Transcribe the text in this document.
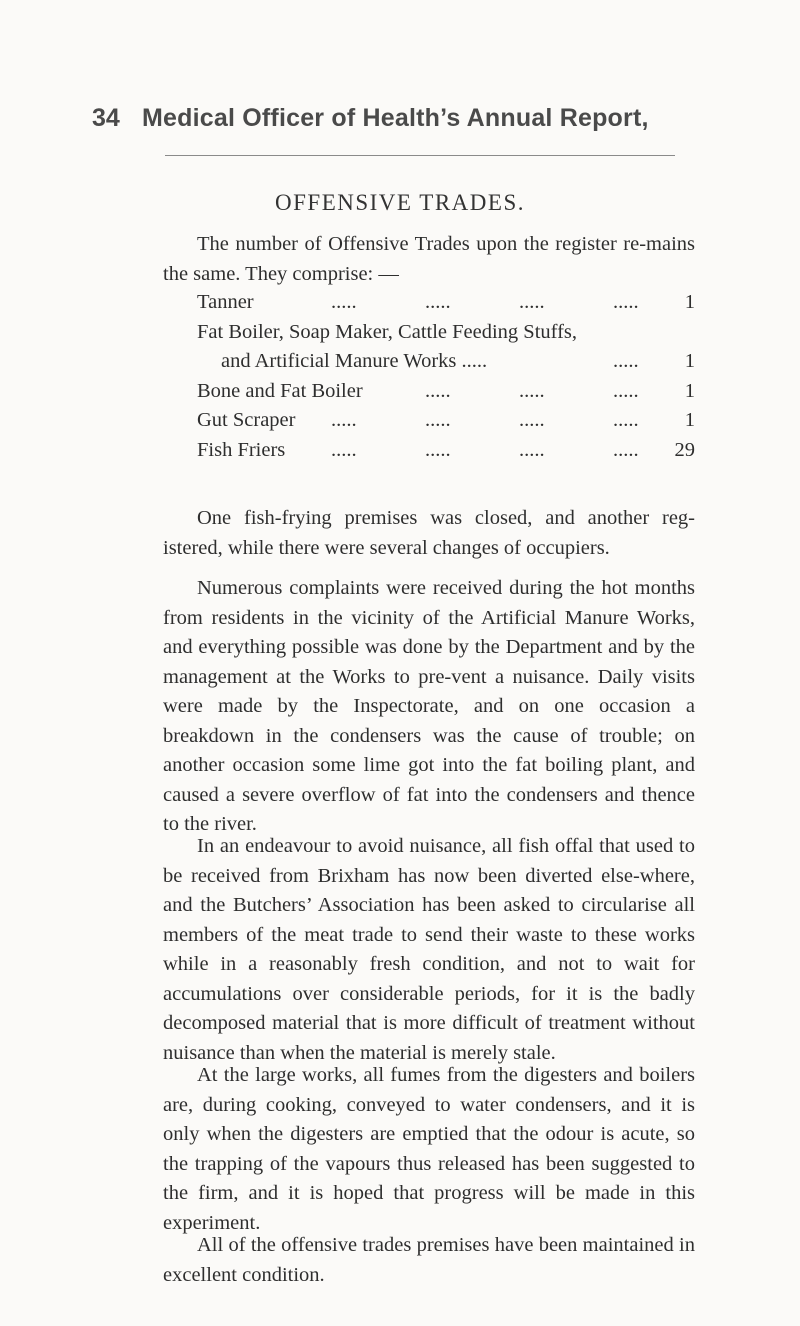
34 Medical Officer of Health’s Annual Report,
OFFENSIVE TRADES.

The number of Offensive Trades upon the register re-mains the same. They comprise: —

Tanner	.....	.....	.....	..... 1
Fat Boiler, Soap Maker, Cattle Feeding Stuffs,
and Artificial Manure Works .....	..... 1
Bone and Fat Boiler	.....	.....	..... 1
Gut Scraper .....	.....	.....	..... 1
Fish Friers .....	.....	.....	..... 29

One fish-frying premises was closed, and another reg-istered, while there were several changes of occupiers.

Numerous complaints were received during the hot months from residents in the vicinity of the Artificial Manure Works, and everything possible was done by the Department and by the management at the Works to pre-vent a nuisance. Daily visits were made by the Inspectorate, and on one occasion a breakdown in the condensers was the cause of trouble; on another occasion some lime got into the fat boiling plant, and caused a severe overflow of fat into the condensers and thence to the river.

In an endeavour to avoid nuisance, all fish offal that used to be received from Brixham has now been diverted else-where, and the Butchers’ Association has been asked to circularise all members of the meat trade to send their waste to these works while in a reasonably fresh condition, and not to wait for accumulations over considerable periods, for it is the badly decomposed material that is more difficult of treatment without nuisance than when the material is merely stale.

At the large works, all fumes from the digesters and boilers are, during cooking, conveyed to water condensers, and it is only when the digesters are emptied that the odour is acute, so the trapping of the vapours thus released has been suggested to the firm, and it is hoped that progress will be made in this experiment.

All of the offensive trades premises have been maintained in excellent condition.
